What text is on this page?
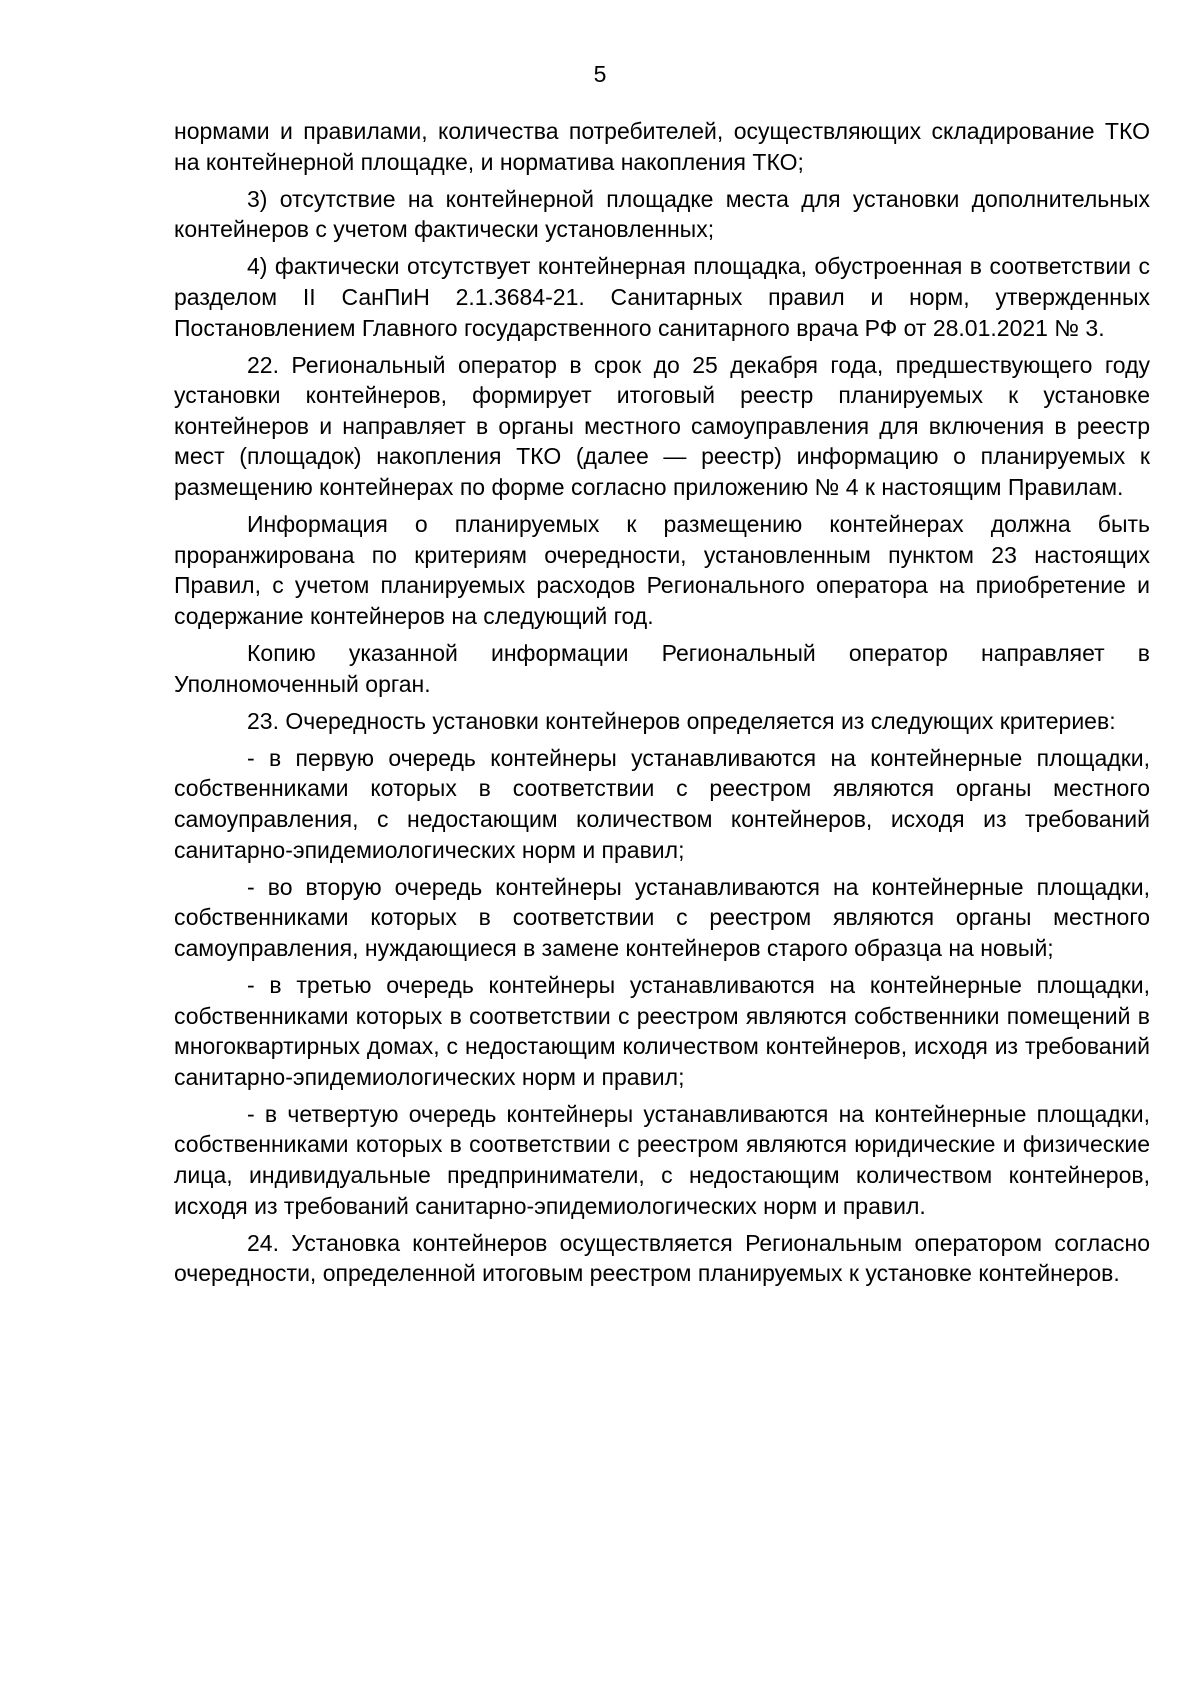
5

нормами и правилами, количества потребителей, осуществляющих складирование ТКО на контейнерной площадке, и норматива накопления ТКО;

3) отсутствие на контейнерной площадке места для установки дополнительных контейнеров с учетом фактически установленных;

4) фактически отсутствует контейнерная площадка, обустроенная в соответствии с разделом II СанПиН 2.1.3684-21. Санитарных правил и норм, утвержденных Постановлением Главного государственного санитарного врача РФ от 28.01.2021 № 3.

22. Региональный оператор в срок до 25 декабря года, предшествующего году установки контейнеров, формирует итоговый реестр планируемых к установке контейнеров и направляет в органы местного самоуправления для включения в реестр мест (площадок) накопления ТКО (далее — реестр) информацию о планируемых к размещению контейнерах по форме согласно приложению № 4 к настоящим Правилам.

Информация о планируемых к размещению контейнерах должна быть проранжирована по критериям очередности, установленным пунктом 23 настоящих Правил, с учетом планируемых расходов Регионального оператора на приобретение и содержание контейнеров на следующий год.

Копию указанной информации Региональный оператор направляет в Уполномоченный орган.

23. Очередность установки контейнеров определяется из следующих критериев:

- в первую очередь контейнеры устанавливаются на контейнерные площадки, собственниками которых в соответствии с реестром являются органы местного самоуправления, с недостающим количеством контейнеров, исходя из требований санитарно-эпидемиологических норм и правил;

- во вторую очередь контейнеры устанавливаются на контейнерные площадки, собственниками которых в соответствии с реестром являются органы местного самоуправления, нуждающиеся в замене контейнеров старого образца на новый;

- в третью очередь контейнеры устанавливаются на контейнерные площадки, собственниками которых в соответствии с реестром являются собственники помещений в многоквартирных домах, с недостающим количеством контейнеров, исходя из требований санитарно-эпидемиологических норм и правил;

- в четвертую очередь контейнеры устанавливаются на контейнерные площадки, собственниками которых в соответствии с реестром являются юридические и физические лица, индивидуальные предприниматели, с недостающим количеством контейнеров, исходя из требований санитарно-эпидемиологических норм и правил.

24. Установка контейнеров осуществляется Региональным оператором согласно очередности, определенной итоговым реестром планируемых к установке контейнеров.
